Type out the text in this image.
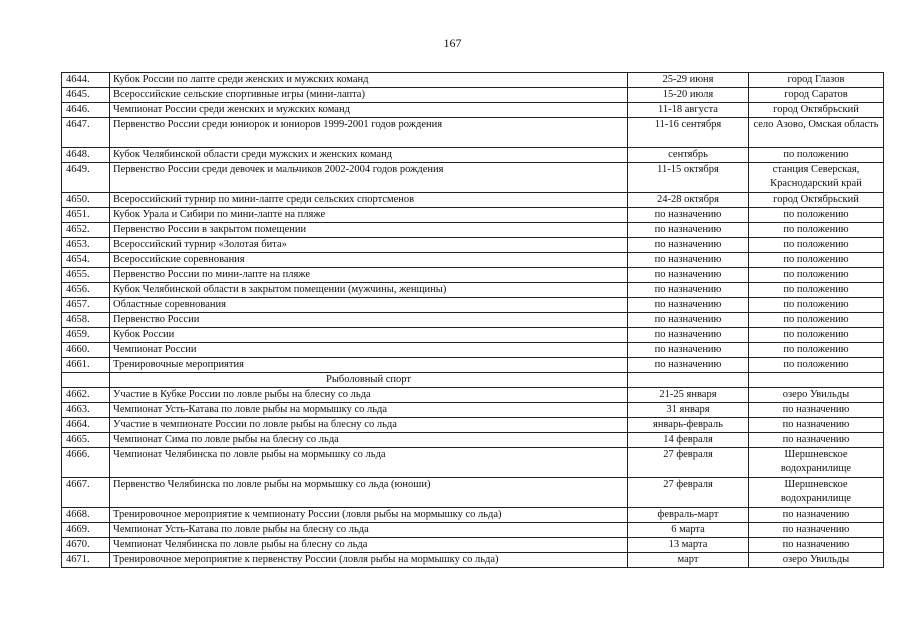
167
4644.	Кубок России по лапте среди женских и мужских команд	25-29 июня	город Глазов
4645.	Всероссийские сельские спортивные игры (мини-лапта)	15-20 июля	город Саратов
4646.	Чемпионат России среди женских и мужских команд	11-18 августа	город Октябрьский
4647.	Первенство России среди юниорок и юниоров 1999-2001 годов рождения	11-16 сентября	село Азово, Омская область
4648.	Кубок Челябинской области среди мужских и женских команд	сентябрь	по положению
4649.	Первенство России среди девочек и мальчиков 2002-2004 годов рождения	11-15 октября	станция Северская, Краснодарский край
4650.	Всероссийский турнир по мини-лапте среди сельских спортсменов	24-28 октября	город Октябрьский
4651.	Кубок Урала и Сибири по мини-лапте на пляже	по назначению	по положению
4652.	Первенство России в закрытом помещении	по назначению	по положению
4653.	Всероссийский турнир «Золотая бита»	по назначению	по положению
4654.	Всероссийские соревнования	по назначению	по положению
4655.	Первенство России по мини-лапте на пляже	по назначению	по положению
4656.	Кубок Челябинской области в закрытом помещении (мужчины, женщины)	по назначению	по положению
4657.	Областные соревнования	по назначению	по положению
4658.	Первенство России	по назначению	по положению
4659.	Кубок России	по назначению	по положению
4660.	Чемпионат России	по назначению	по положению
4661.	Тренировочные мероприятия	по назначению	по положению
	Рыболовный спорт		
4662.	Участие в Кубке России по ловле рыбы на блесну со льда	21-25 января	озеро Увильды
4663.	Чемпионат Усть-Катава по ловле рыбы на мормышку со льда	31 января	по назначению
4664.	Участие в чемпионате России по ловле рыбы на блесну со льда	январь-февраль	по назначению
4665.	Чемпионат Сима по ловле рыбы на блесну со льда	14 февраля	по назначению
4666.	Чемпионат Челябинска по ловле рыбы на мормышку со льда	27 февраля	Шершневское водохранилище
4667.	Первенство Челябинска по ловле рыбы на мормышку со льда (юноши)	27 февраля	Шершневское водохранилище
4668.	Тренировочное мероприятие к чемпионату России (ловля рыбы на мормышку со льда)	февраль-март	по назначению
4669.	Чемпионат Усть-Катава по ловле рыбы на блесну со льда	6 марта	по назначению
4670.	Чемпионат Челябинска по ловле рыбы на блесну со льда	13 марта	по назначению
4671.	Тренировочное мероприятие к первенству России (ловля рыбы на мормышку со льда)	март	озеро Увильды
